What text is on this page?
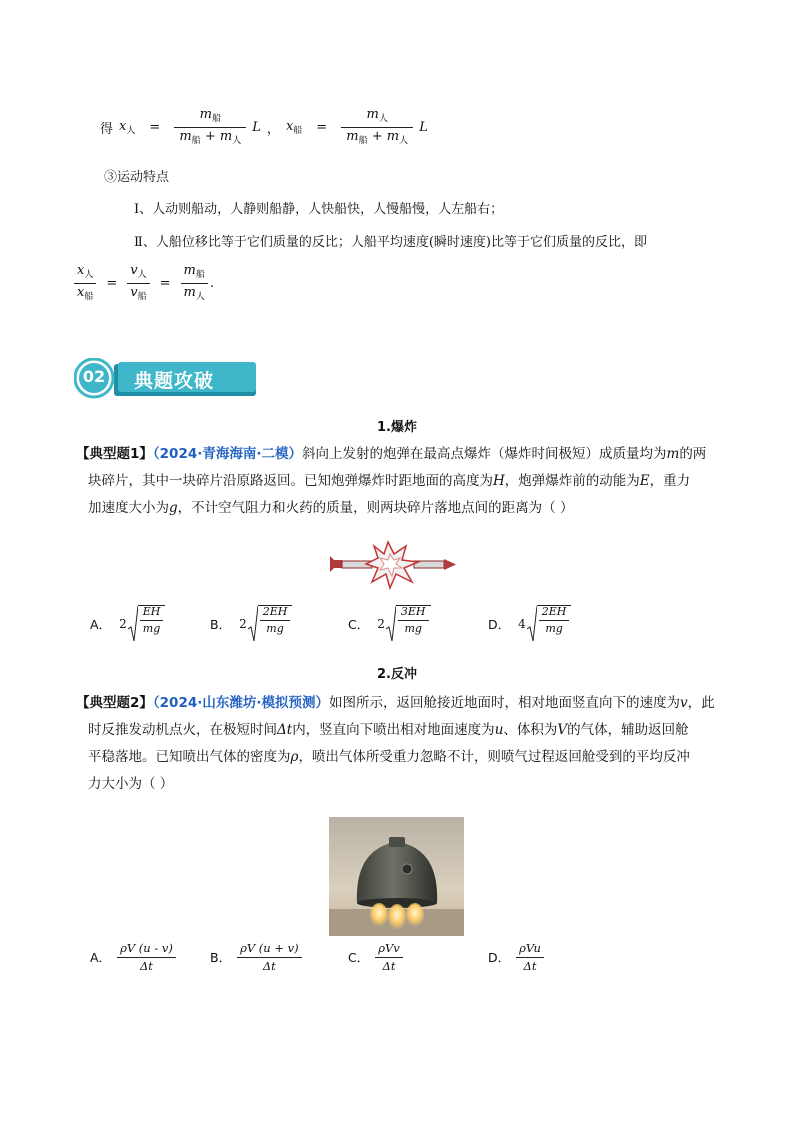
得 $x_人 = \frac{m_船}{m_船 + m_人}$ L ， $x_船 = \frac{m_人}{m_船 + m_人}$ L
③运动特点
Ⅰ、人动则船动，人静则船静，人快船快，人慢船慢，人左船右；
Ⅱ、人船位移比等于它们质量的反比；人船平均速度(瞬时速度)比等于它们质量的反比，即
$\frac{x_人}{x_船} = \frac{v_人}{v_船} = \frac{m_船}{m_人}$ .
02 典题攻破
1.爆炸
【典型题1】（2024·青海海南·二模）斜向上发射的炮弹在最高点爆炸（爆炸时间极短）成质量均为m的两
块碎片，其中一块碎片沿原路返回。已知炮弹爆炸时距地面的高度为H，炮弹爆炸前的动能为E，重力
加速度大小为g，不计空气阻力和火药的质量，则两块碎片落地点间的距离为（ ）
A． $2 \frac{EH}{mg}$	B． $2 \frac{2EH}{mg}$	C． $2 \frac{3EH}{mg}$	D． $4 \frac{2EH}{mg}$
2.反冲
【典型题2】（2024·山东潍坊·模拟预测）如图所示，返回舱接近地面时，相对地面竖直向下的速度为v，此
时反推发动机点火，在极短时间Δt内，竖直向下喷出相对地面速度为u、体积为V的气体，辅助返回舱
平稳落地。已知喷出气体的密度为ρ，喷出气体所受重力忽略不计，则喷气过程返回舱受到的平均反冲
力大小为（ ）
A． $\frac{\rho V (u - v)}{\Delta t}$	B． $\frac{\rho V (u + v)}{\Delta t}$	C． $\frac{\text{ρVv}}{\Delta t}$	D． $\frac{\text{ρVu}}{\Delta t}$
